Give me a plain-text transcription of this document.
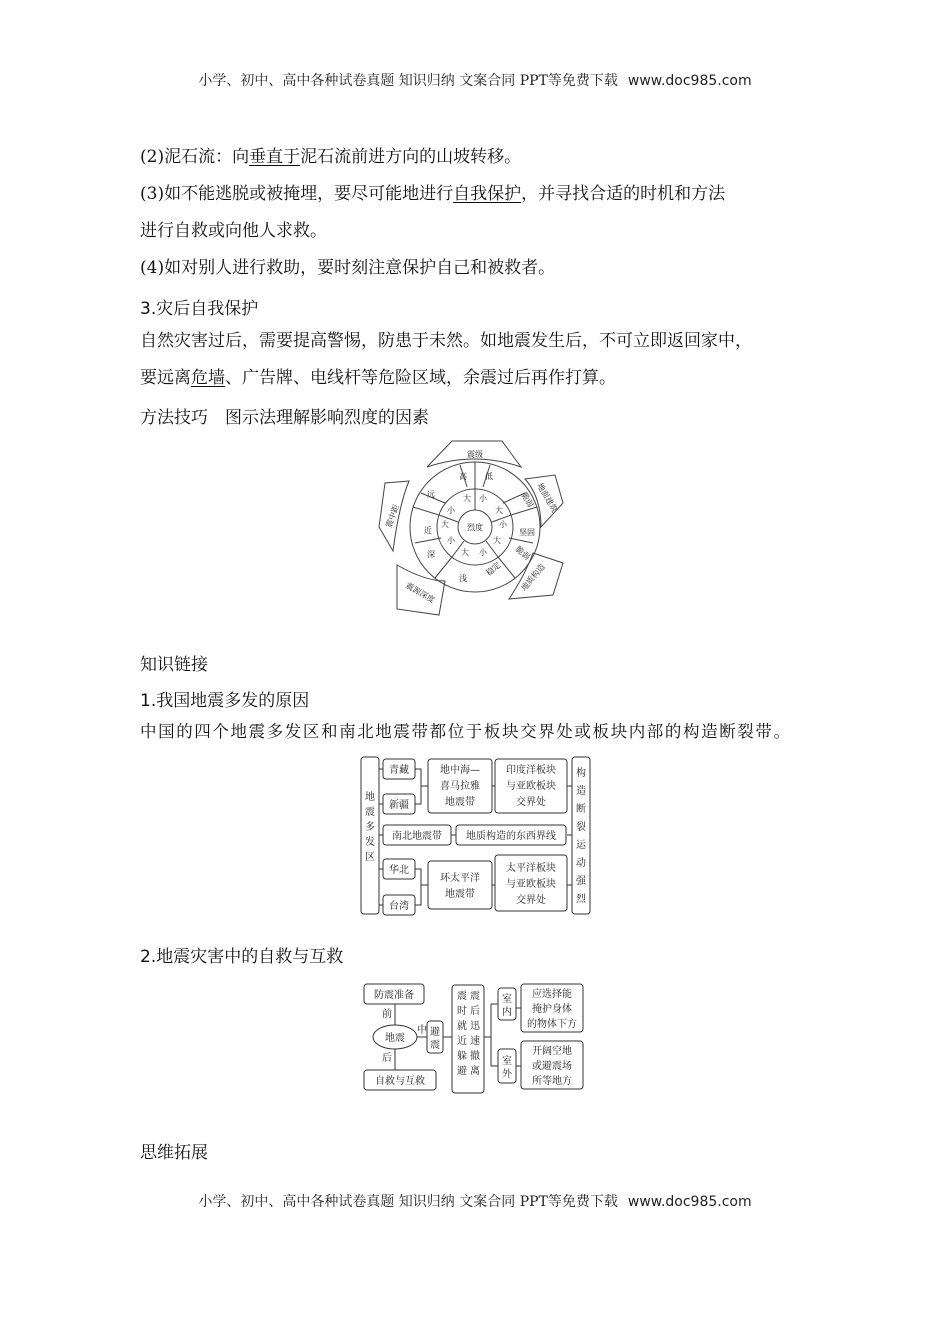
小学、初中、高中各种试卷真题 知识归纳 文案合同 PPT等免费下载 www.doc985.com
(2)泥石流：向垂直于泥石流前进方向的山坡转移。
(3)如不能逃脱或被掩埋，要尽可能地进行自我保护，并寻找合适的时机和方法
进行自救或向他人求救。
(4)如对别人进行救助，要时刻注意保护自己和被救者。
3.灾后自我保护
自然灾害过后，需要提高警惕，防患于未然。如地震发生后，不可立即返回家中，
要远离危墙、广告牌、电线杆等危险区域，余震过后再作打算。
方法技巧　图示法理解影响烈度的因素
震级
地面建筑
地质构造
震源深度
震中距
高 低
远
近
脆弱
坚固
深
浅
脆弱
稳定
大 小
大
小
小
大
大
小
小
大
烈度
知识链接
1.我国地震多发的原因
中国的四个地震多发区和南北地震带都位于板块交界处或板块内部的构造断裂带。
地
震
多
发
区
青藏
新疆
南北地震带
华北
台湾
地中海—
喜马拉雅
地震带
印度洋板块
与亚欧板块
交界处
地质构造的东西界线
环太平洋
地震带
太平洋板块
与亚欧板块
交界处
构
造
断
裂
运
动
强
烈
2.地震灾害中的自救与互救
防震准备
前
地震
中
后
自救与互救
避
震
震
时
就
近
躲
避
震
后
迅
速
撤
离
室
内
室
外
应选择能
掩护身体
的物体下方
开阔空地
或避震场
所等地方
思维拓展
小学、初中、高中各种试卷真题 知识归纳 文案合同 PPT等免费下载 www.doc985.com
